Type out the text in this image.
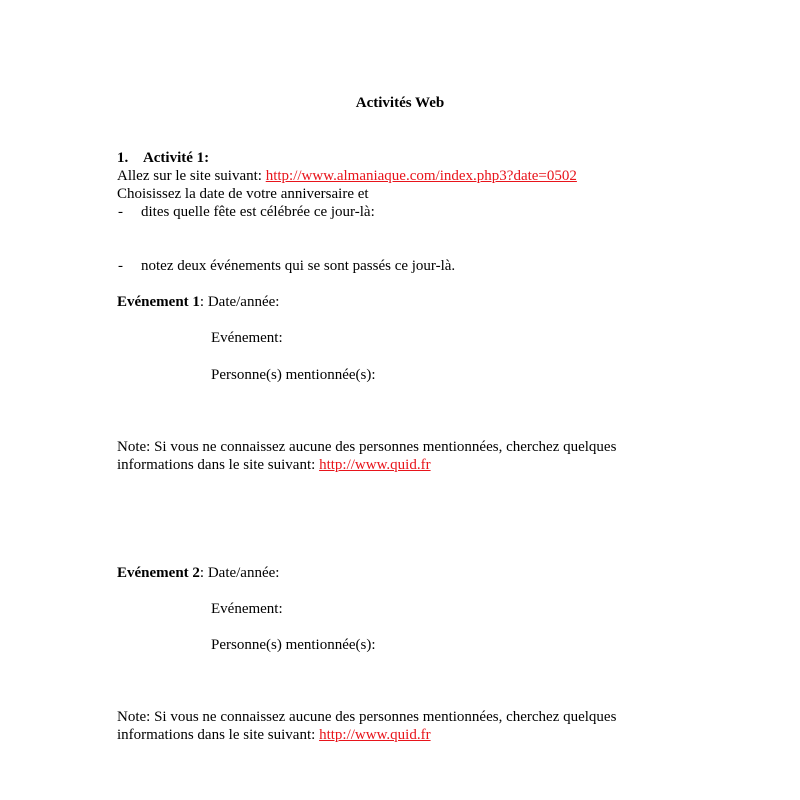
Activités Web
1. Activité 1:
Allez sur le site suivant: http://www.almaniaque.com/index.php3?date=0502
Choisissez la date de votre anniversaire et
- dites quelle fête est célébrée ce jour-là:
- notez deux événements qui se sont passés ce jour-là.
Evénement 1: Date/année:
Evénement:
Personne(s) mentionnée(s):
Note: Si vous ne connaissez aucune des personnes mentionnées, cherchez quelques
informations dans le site suivant: http://www.quid.fr
Evénement 2: Date/année:
Evénement:
Personne(s) mentionnée(s):
Note: Si vous ne connaissez aucune des personnes mentionnées, cherchez quelques
informations dans le site suivant: http://www.quid.fr
